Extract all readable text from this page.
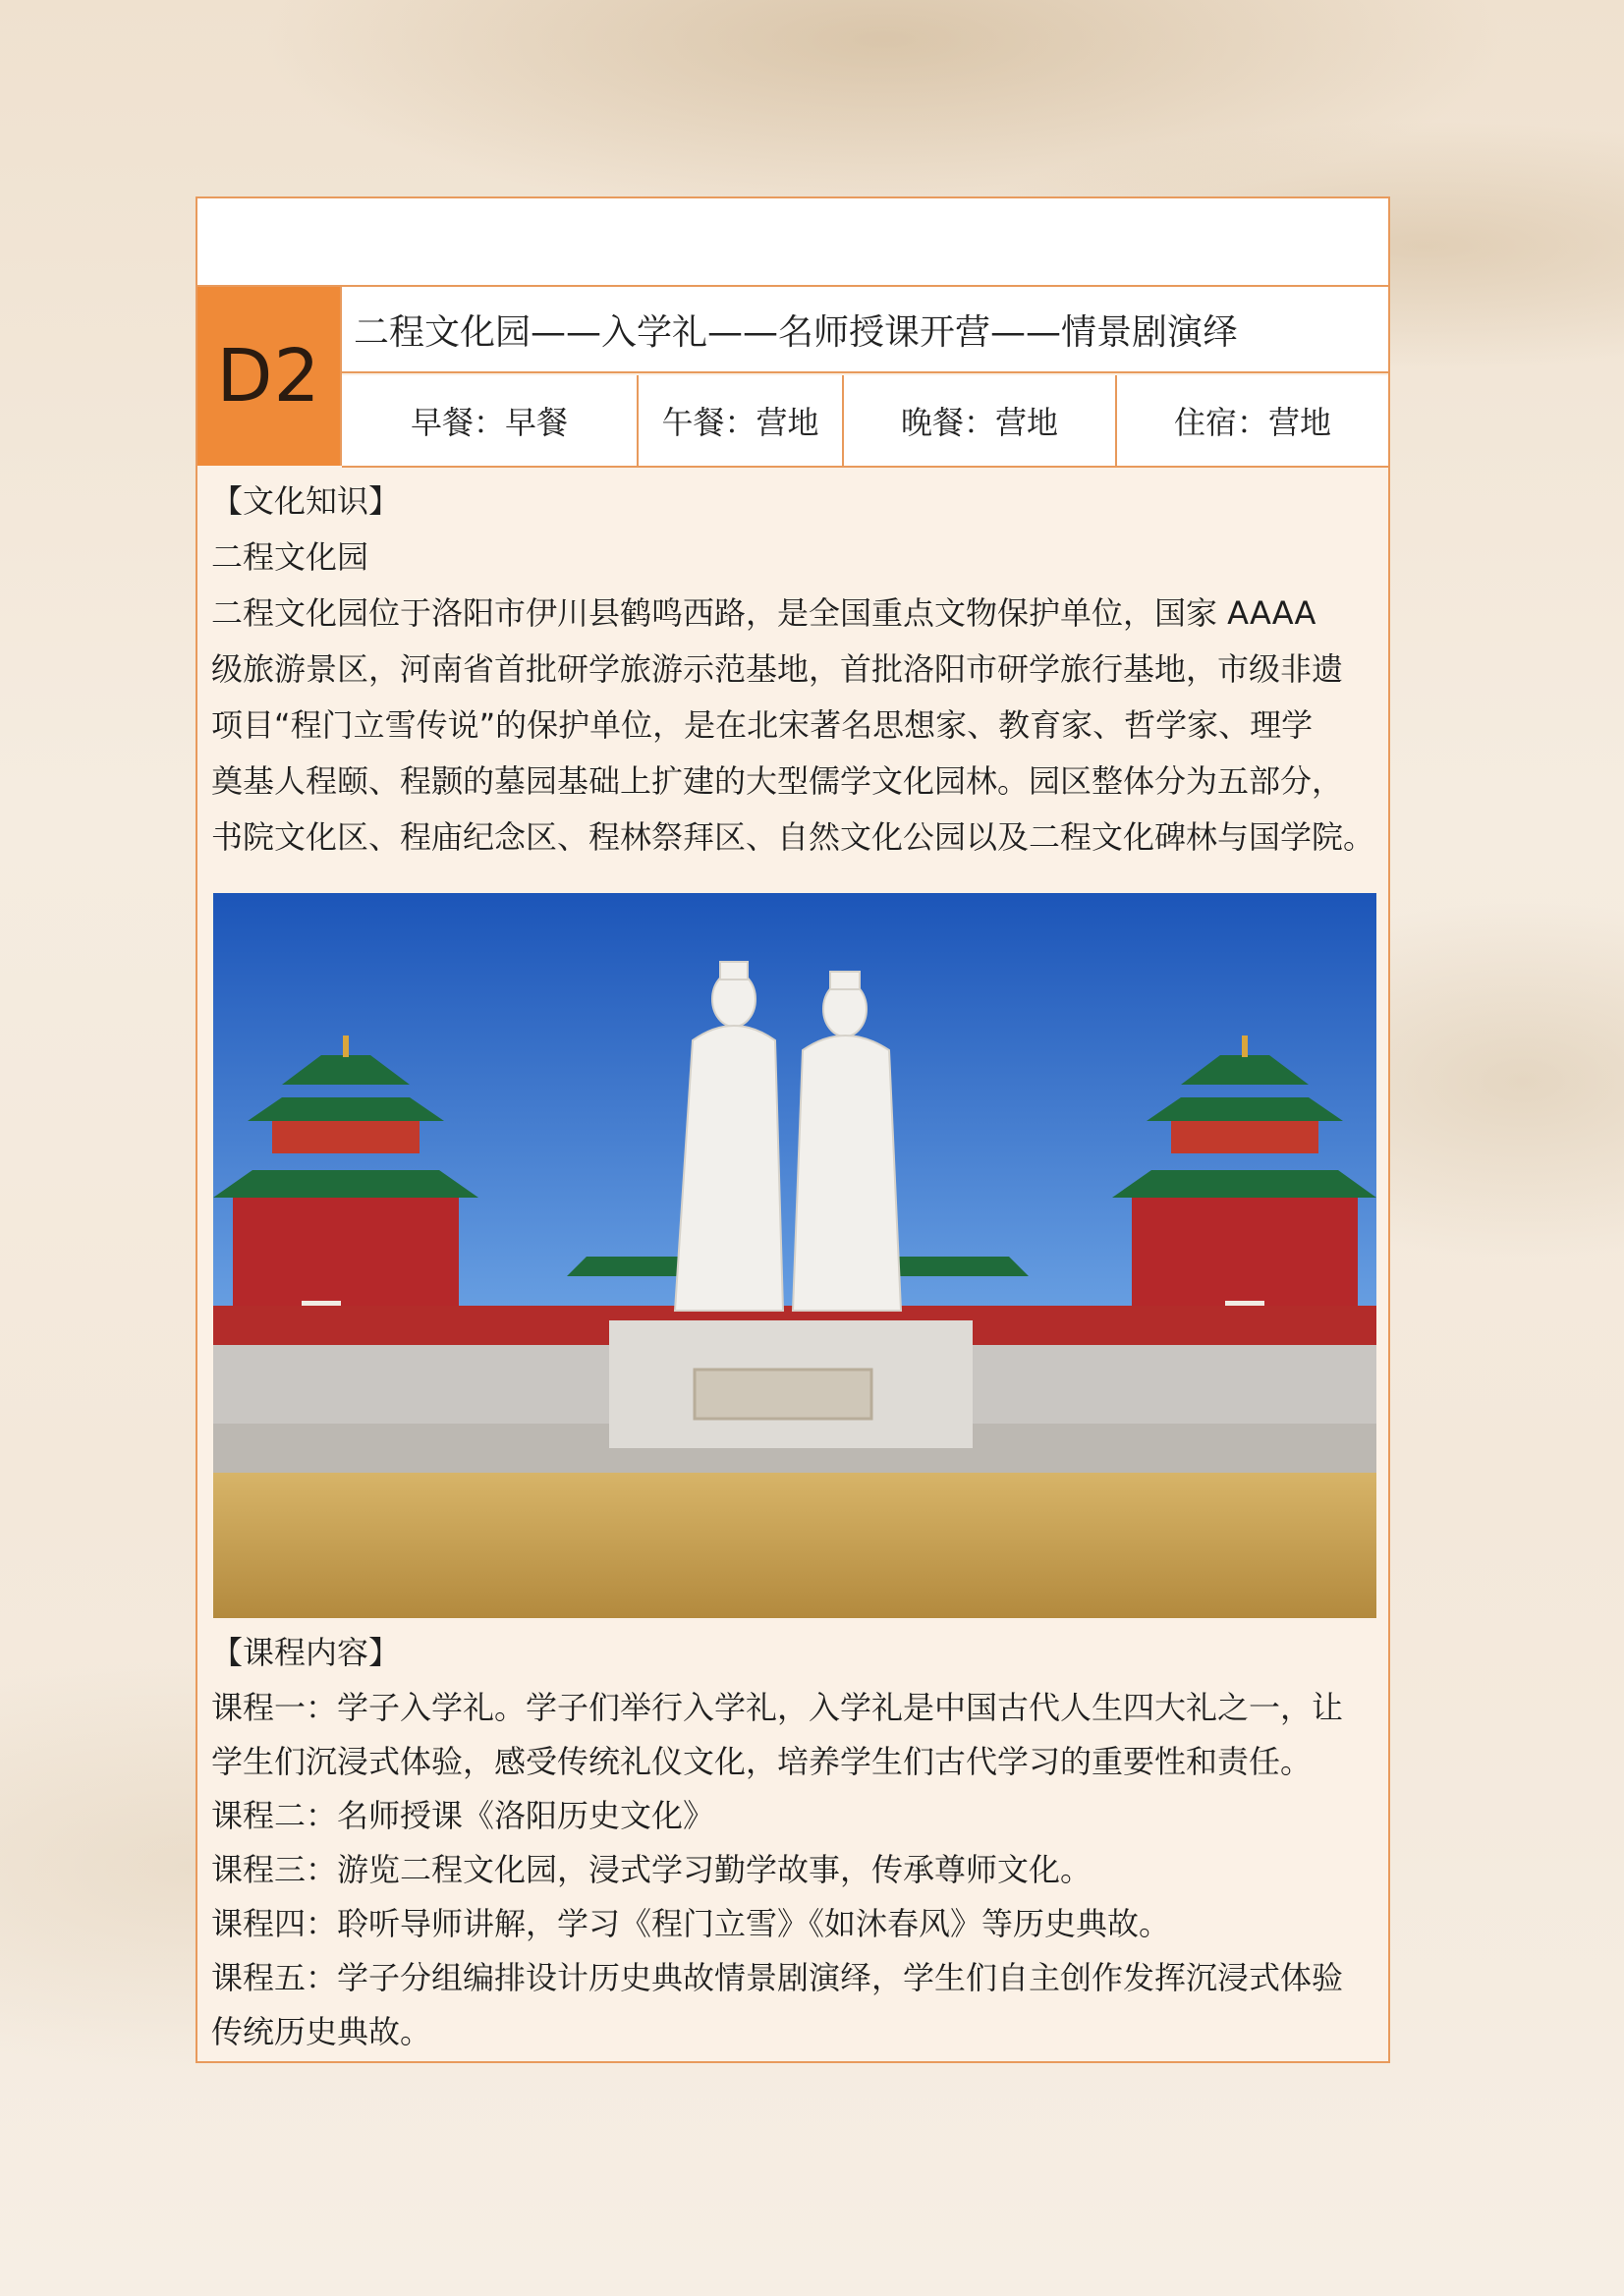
D2
二程文化园——入学礼——名师授课开营——情景剧演绎
早餐：早餐	午餐：营地	晚餐：营地	住宿：营地

【文化知识】

二程文化园

二程文化园位于洛阳市伊川县鹤鸣西路，是全国重点文物保护单位，国家 AAAA

级旅游景区，河南省首批研学旅游示范基地，首批洛阳市研学旅行基地，市级非遗

项目“程门立雪传说”的保护单位，是在北宋著名思想家、教育家、哲学家、理学

奠基人程颐、程颢的墓园基础上扩建的大型儒学文化园林。园区整体分为五部分，

书院文化区、程庙纪念区、程林祭拜区、自然文化公园以及二程文化碑林与国学院。

【课程内容】

课程一：学子入学礼。学子们举行入学礼，入学礼是中国古代人生四大礼之一，让

学生们沉浸式体验，感受传统礼仪文化，培养学生们古代学习的重要性和责任。

课程二：名师授课《洛阳历史文化》

课程三：游览二程文化园，浸式学习勤学故事，传承尊师文化。

课程四：聆听导师讲解，学习《程门立雪》《如沐春风》等历史典故。

课程五：学子分组编排设计历史典故情景剧演绎，学生们自主创作发挥沉浸式体验

传统历史典故。
